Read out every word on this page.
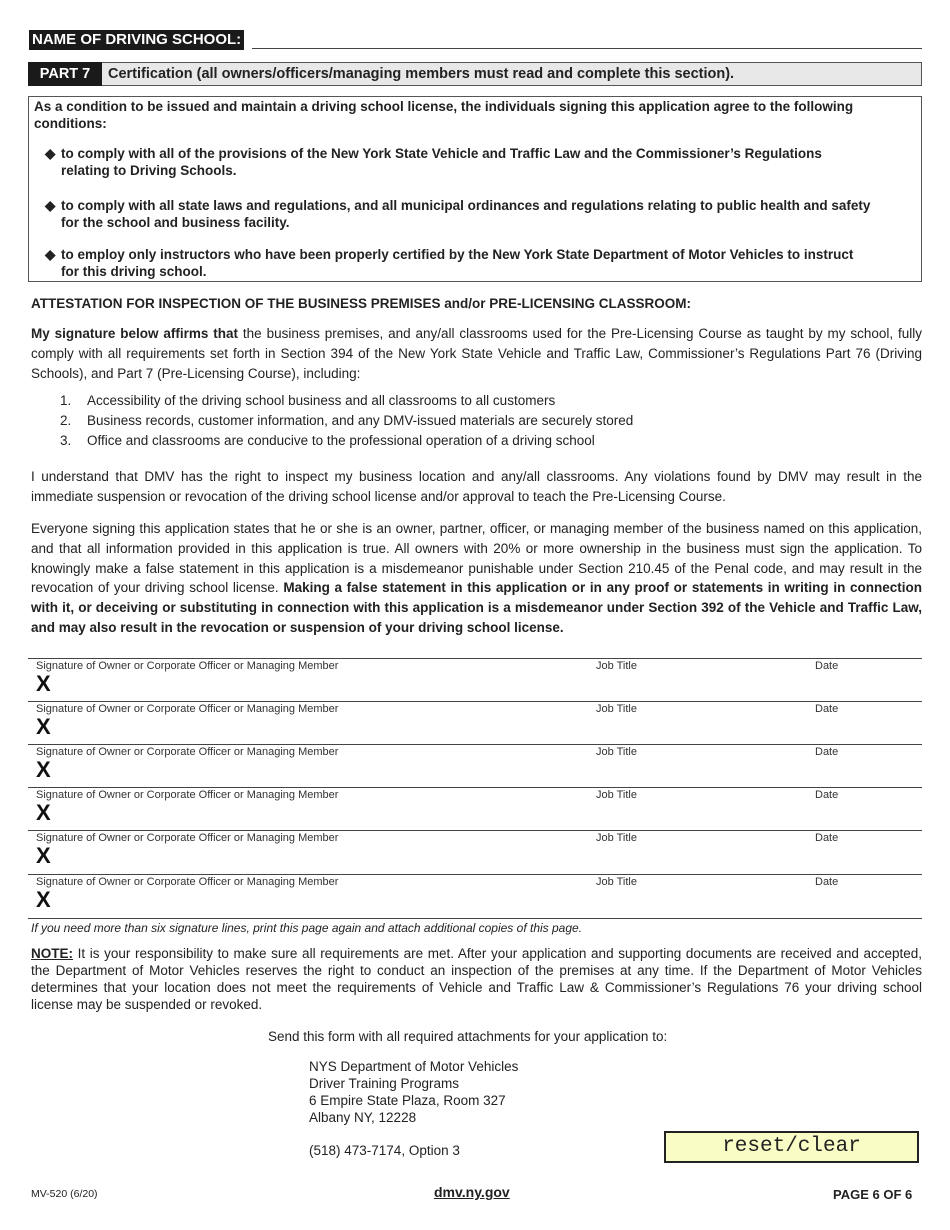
NAME OF DRIVING SCHOOL:
PART 7	Certification (all owners/officers/managing members must read and complete this section).
As a condition to be issued and maintain a driving school license, the individuals signing this application agree to the following conditions:
◆ to comply with all of the provisions of the New York State Vehicle and Traffic Law and the Commissioner’s Regulations relating to Driving Schools.
◆ to comply with all state laws and regulations, and all municipal ordinances and regulations relating to public health and safety for the school and business facility.
◆ to employ only instructors who have been properly certified by the New York State Department of Motor Vehicles to instruct for this driving school.
ATTESTATION FOR INSPECTION OF THE BUSINESS PREMISES and/or PRE-LICENSING CLASSROOM:
My signature below affirms that the business premises, and any/all classrooms used for the Pre-Licensing Course as taught by my school, fully comply with all requirements set forth in Section 394 of the New York State Vehicle and Traffic Law, Commissioner’s Regulations Part 76 (Driving Schools), and Part 7 (Pre-Licensing Course), including:
1. Accessibility of the driving school business and all classrooms to all customers
2. Business records, customer information, and any DMV-issued materials are securely stored
3. Office and classrooms are conducive to the professional operation of a driving school
I understand that DMV has the right to inspect my business location and any/all classrooms. Any violations found by DMV may result in the immediate suspension or revocation of the driving school license and/or approval to teach the Pre-Licensing Course.
Everyone signing this application states that he or she is an owner, partner, officer, or managing member of the business named on this application, and that all information provided in this application is true. All owners with 20% or more ownership in the business must sign the application. To knowingly make a false statement in this application is a misdemeanor punishable under Section 210.45 of the Penal code, and may result in the revocation of your driving school license. Making a false statement in this application or in any proof or statements in writing in connection with it, or deceiving or substituting in connection with this application is a misdemeanor under Section 392 of the Vehicle and Traffic Law, and may also result in the revocation or suspension of your driving school license.
Signature of Owner or Corporate Officer or Managing Member	Job Title	Date
X
Signature of Owner or Corporate Officer or Managing Member	Job Title	Date
X
Signature of Owner or Corporate Officer or Managing Member	Job Title	Date
X
Signature of Owner or Corporate Officer or Managing Member	Job Title	Date
X
Signature of Owner or Corporate Officer or Managing Member	Job Title	Date
X
Signature of Owner or Corporate Officer or Managing Member	Job Title	Date
X
If you need more than six signature lines, print this page again and attach additional copies of this page.
NOTE: It is your responsibility to make sure all requirements are met. After your application and supporting documents are received and accepted, the Department of Motor Vehicles reserves the right to conduct an inspection of the premises at any time. If the Department of Motor Vehicles determines that your location does not meet the requirements of Vehicle and Traffic Law & Commissioner’s Regulations 76 your driving school license may be suspended or revoked.
Send this form with all required attachments for your application to:
NYS Department of Motor Vehicles
Driver Training Programs
6 Empire State Plaza, Room 327
Albany NY, 12228
(518) 473-7174, Option 3	reset/clear
MV-520 (6/20)	dmv.ny.gov	PAGE 6 OF 6
